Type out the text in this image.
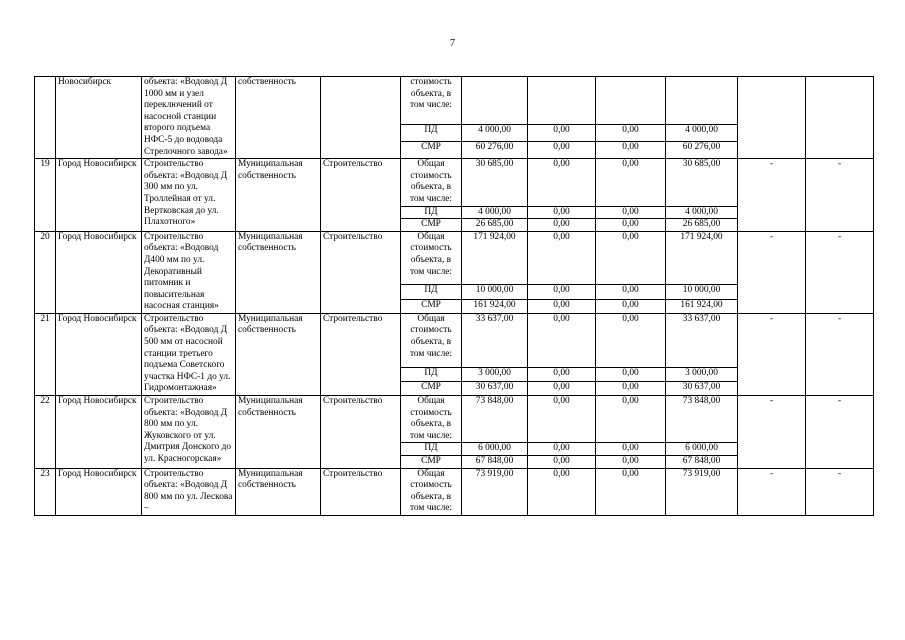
7
	Новосибирск	объекта: «Водовод Д 1000 мм и узел переключений от насосной станции второго подъема НФС-5 до водовода Стрелочного завода»	собственность		стоимость объекта, в том числе:						
					ПД	4 000,00	0,00	0,00	4 000,00		
					СМР	60 276,00	0,00	0,00	60 276,00		
19	Город Новосибирск	Строительство объекта: «Водовод Д 300 мм по ул. Троллейная от ул. Вертковская до ул. Плахотного»	Муниципальная собственность	Строительство	Общая стоимость объекта, в том числе:	30 685,00	0,00	0,00	30 685,00	-	-
					ПД	4 000,00	0,00	0,00	4 000,00		
					СМР	26 685,00	0,00	0,00	26 685,00		
20	Город Новосибирск	Строительство объекта: «Водовод Д400 мм по ул. Декоративный питомник и повысительная насосная станция»	Муниципальная собственность	Строительство	Общая стоимость объекта, в том числе:	171 924,00	0,00	0,00	171 924,00	-	-
					ПД	10 000,00	0,00	0,00	10 000,00		
					СМР	161 924,00	0,00	0,00	161 924,00		
21	Город Новосибирск	Строительство объекта: «Водовод Д 500 мм от насосной станции третьего подъема Советского участка НФС-1 до ул. Гидромонтажная»	Муниципальная собственность	Строительство	Общая стоимость объекта, в том числе:	33 637,00	0,00	0,00	33 637,00	-	-
					ПД	3 000,00	0,00	0,00	3 000,00		
					СМР	30 637,00	0,00	0,00	30 637,00		
22	Город Новосибирск	Строительство объекта: «Водовод Д 800 мм по ул. Жуковского от ул. Дмитрия Донского до ул. Красногорская»	Муниципальная собственность	Строительство	Общая стоимость объекта, в том числе:	73 848,00	0,00	0,00	73 848,00	-	-
					ПД	6 000,00	0,00	0,00	6 000,00		
					СМР	67 848,00	0,00	0,00	67 848,00		
23	Город Новосибирск	Строительство объекта: «Водовод Д 800 мм по ул. Лескова –	Муниципальная собственность	Строительство	Общая стоимость объекта, в том числе:	73 919,00	0,00	0,00	73 919,00	-	-
